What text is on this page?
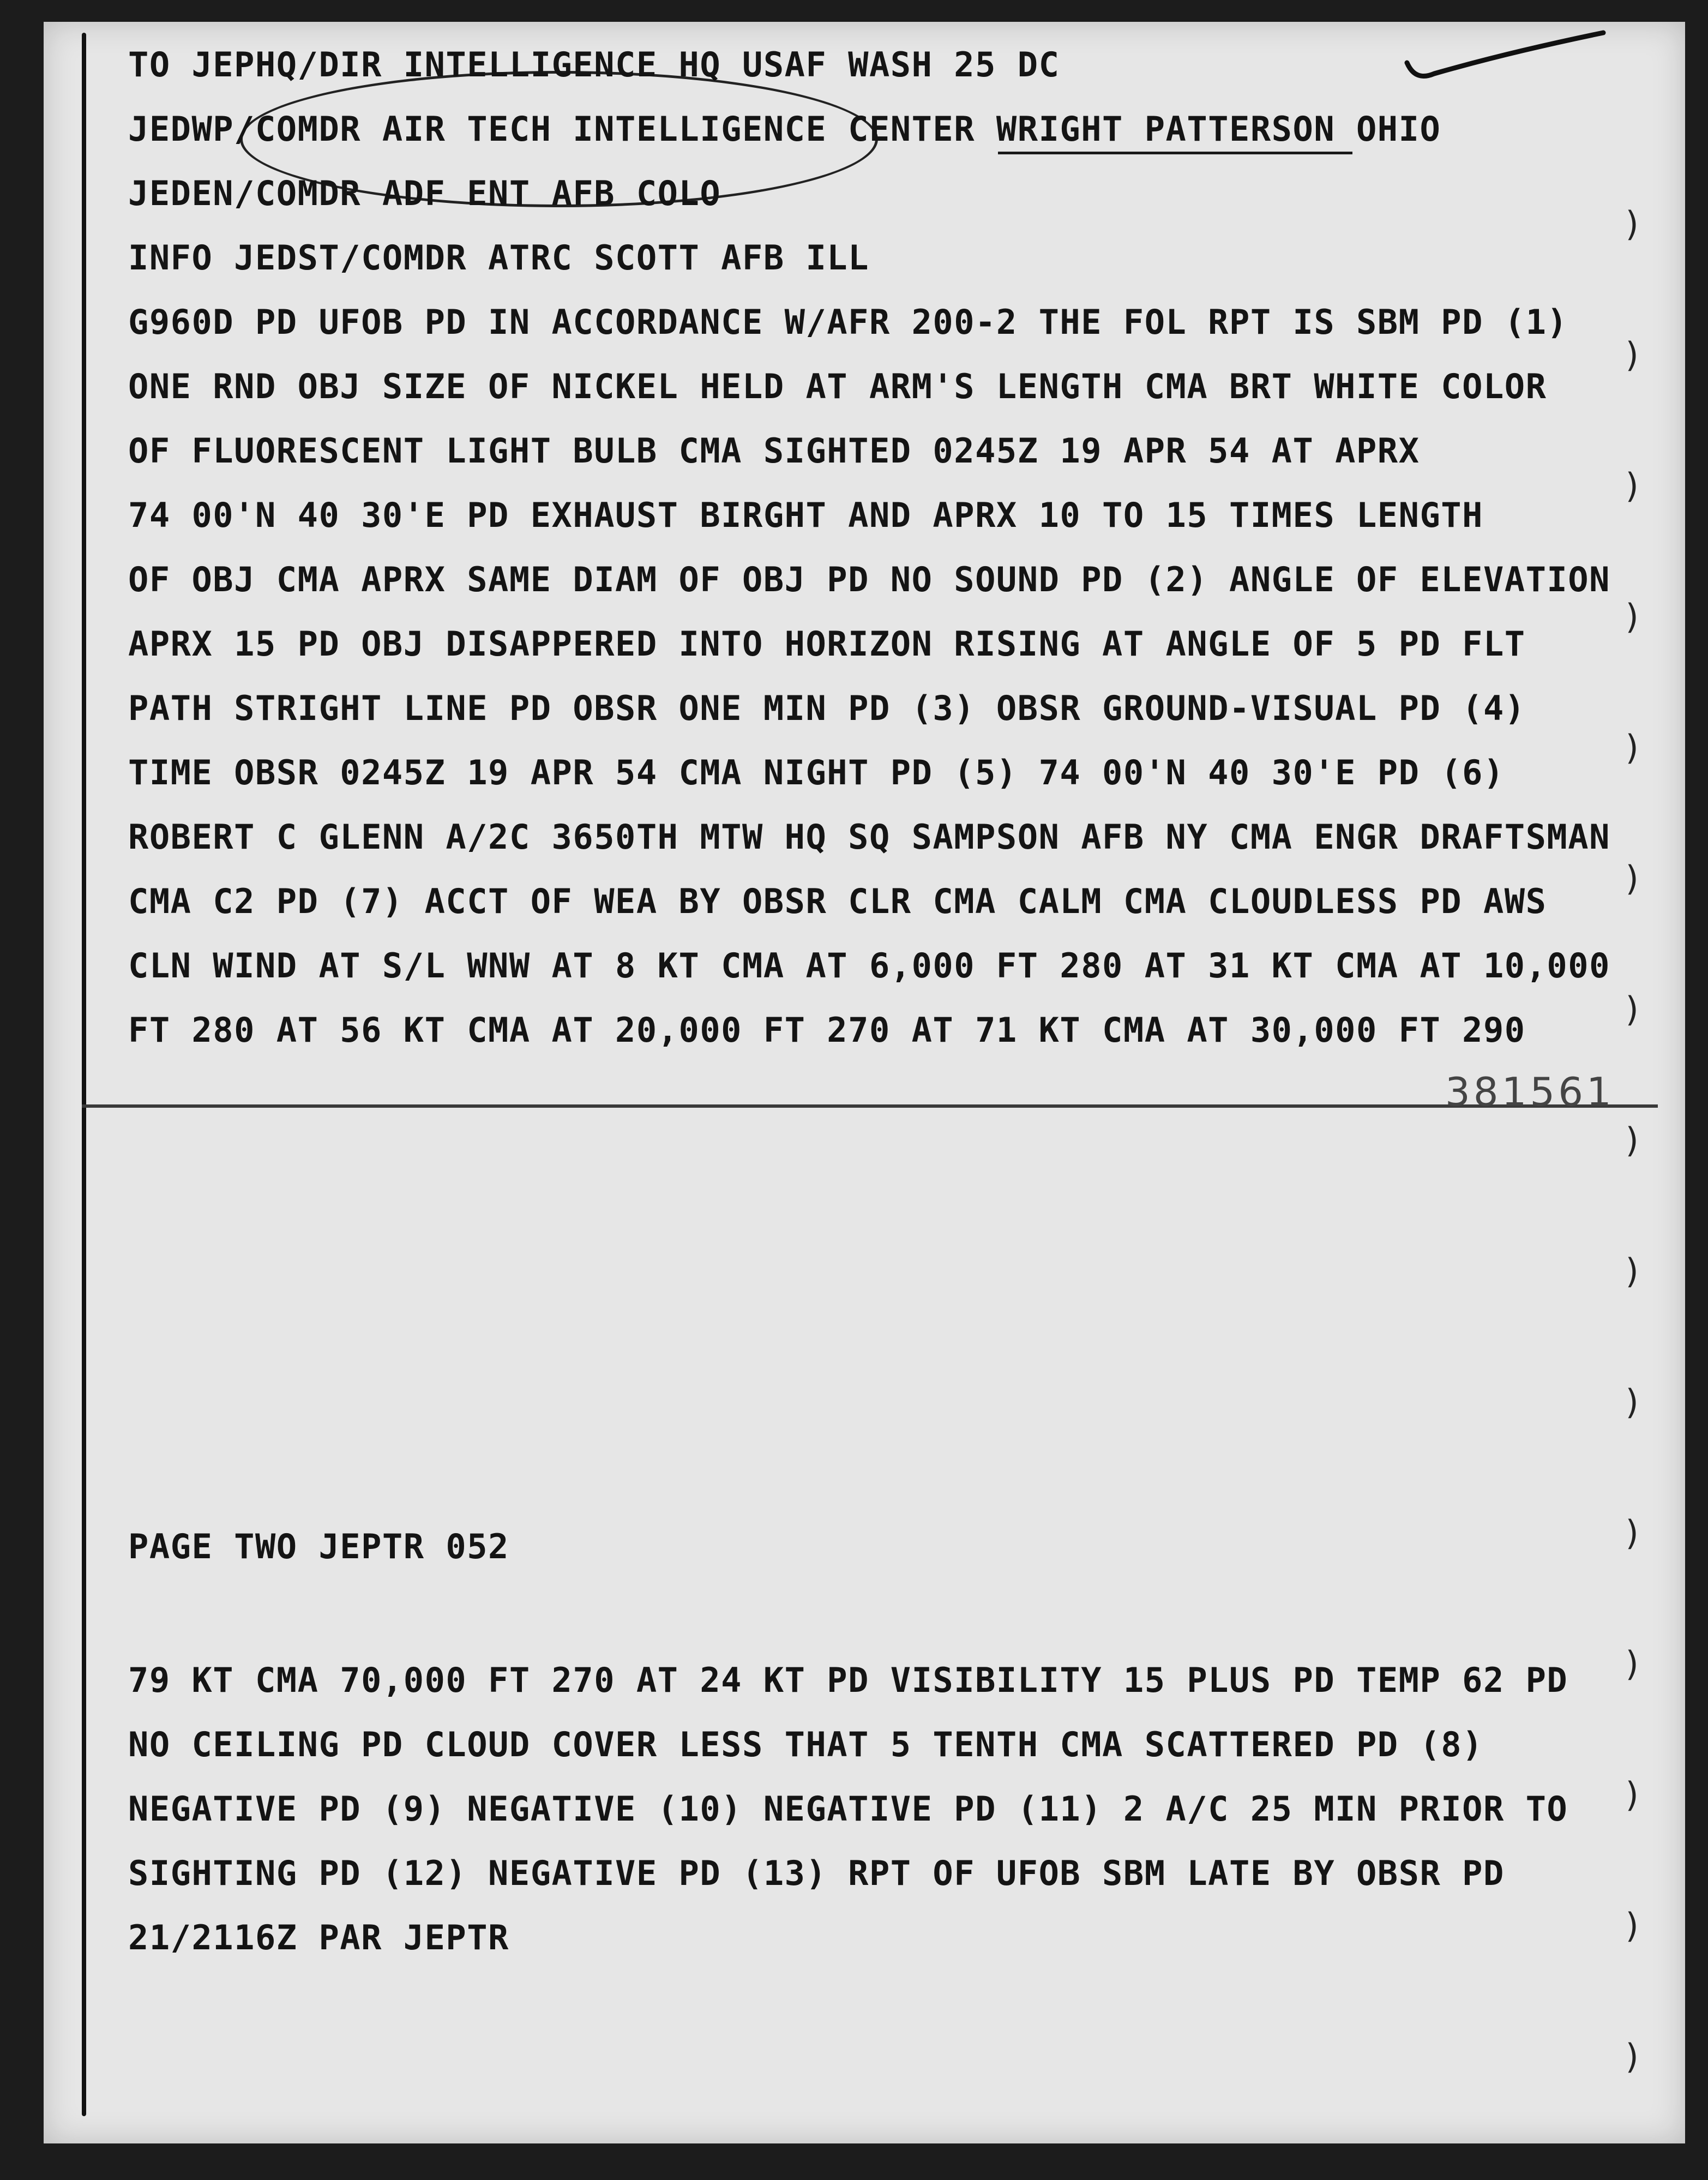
TO JEPHQ/DIR INTELLIGENCE HQ USAF WASH 25 DC

JEDWP/COMDR AIR TECH INTELLIGENCE CENTER WRIGHT PATTERSON OHIO

JEDEN/COMDR ADF ENT AFB COLO

INFO JEDST/COMDR ATRC SCOTT AFB ILL

G960D PD UFOB PD IN ACCORDANCE W/AFR 200-2 THE FOL RPT IS SBM PD (1)

ONE RND OBJ SIZE OF NICKEL HELD AT ARM'S LENGTH CMA BRT WHITE COLOR

OF FLUORESCENT LIGHT BULB CMA SIGHTED 0245Z 19 APR 54 AT APRX

74 00'N 40 30'E PD EXHAUST BIRGHT AND APRX 10 TO 15 TIMES LENGTH

OF OBJ CMA APRX SAME DIAM OF OBJ PD NO SOUND PD (2) ANGLE OF ELEVATION

APRX 15 PD OBJ DISAPPERED INTO HORIZON RISING AT ANGLE OF 5 PD FLT

PATH STRIGHT LINE PD OBSR ONE MIN PD (3) OBSR GROUND-VISUAL PD (4)

TIME OBSR 0245Z 19 APR 54 CMA NIGHT PD (5) 74 00'N 40 30'E PD (6)

ROBERT C GLENN A/2C 3650TH MTW HQ SQ SAMPSON AFB NY CMA ENGR DRAFTSMAN

CMA C2 PD (7) ACCT OF WEA BY OBSR CLR CMA CALM CMA CLOUDLESS PD AWS

CLN WIND AT S/L WNW AT 8 KT CMA AT 6,000 FT 280 AT 31 KT CMA AT 10,000

FT 280 AT 56 KT CMA AT 20,000 FT 270 AT 71 KT CMA AT 30,000 FT 290

381561

PAGE TWO JEPTR 052

79 KT CMA 70,000 FT 270 AT 24 KT PD VISIBILITY 15 PLUS PD TEMP 62 PD

NO CEILING PD CLOUD COVER LESS THAT 5 TENTH CMA SCATTERED PD (8)

NEGATIVE PD (9) NEGATIVE (10) NEGATIVE PD (11) 2 A/C 25 MIN PRIOR TO

SIGHTING PD (12) NEGATIVE PD (13) RPT OF UFOB SBM LATE BY OBSR PD

21/2116Z PAR JEPTR

)
)
)
)
)
)
)
)
)
)
)
)
)
)
)
